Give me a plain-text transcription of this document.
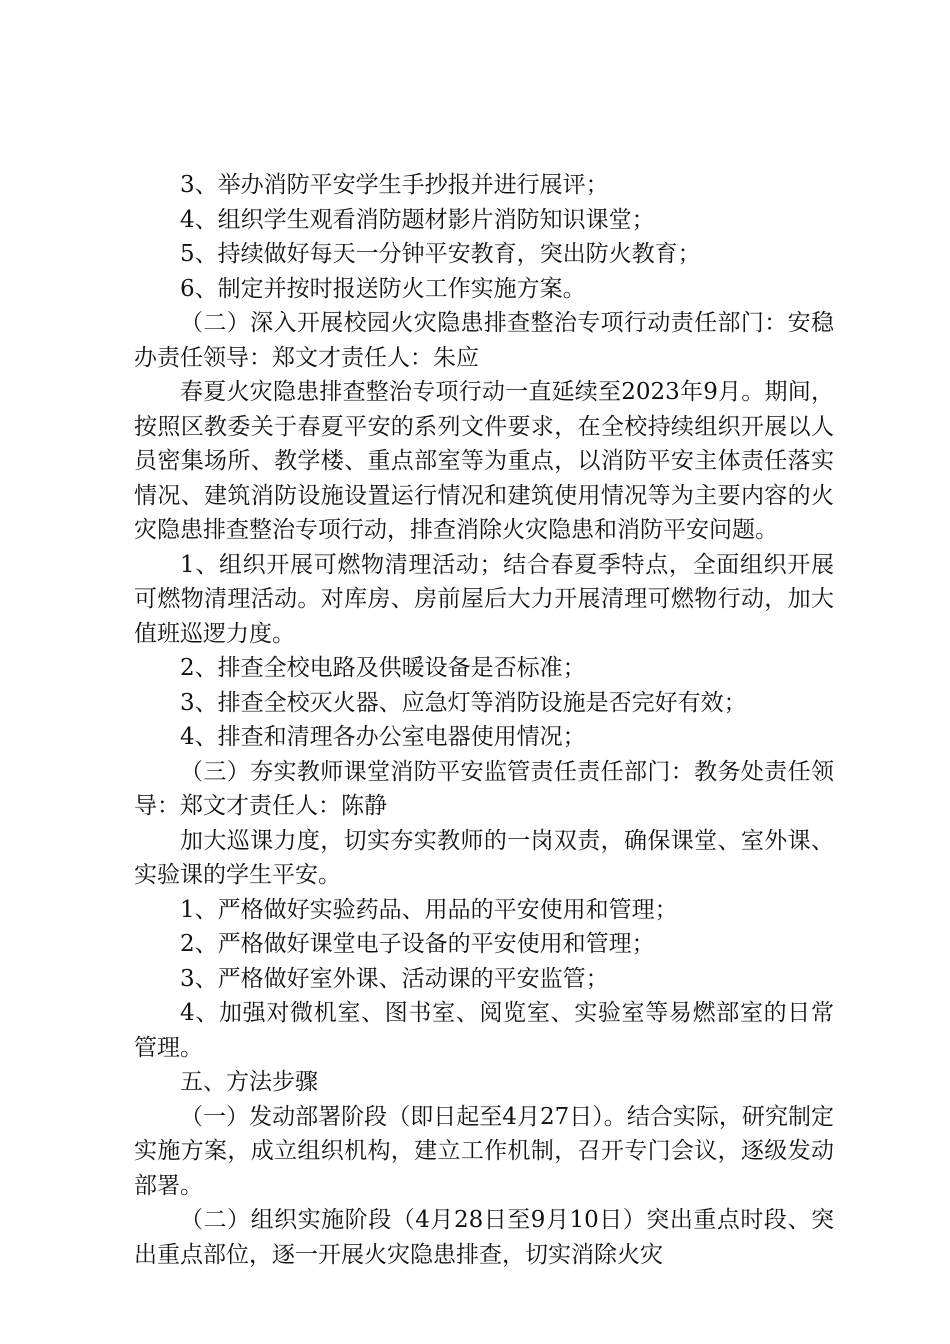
3、举办消防平安学生手抄报并进行展评；

4、组织学生观看消防题材影片消防知识课堂；

5、持续做好每天一分钟平安教育，突出防火教育；

6、制定并按时报送防火工作实施方案。

（二）深入开展校园火灾隐患排查整治专项行动责任部门：安稳办责任领导：郑文才责任人：朱应

春夏火灾隐患排查整治专项行动一直延续至2023年9月。期间，按照区教委关于春夏平安的系列文件要求，在全校持续组织开展以人员密集场所、教学楼、重点部室等为重点，以消防平安主体责任落实情况、建筑消防设施设置运行情况和建筑使用情况等为主要内容的火灾隐患排查整治专项行动，排查消除火灾隐患和消防平安问题。

1、组织开展可燃物清理活动；结合春夏季特点，全面组织开展可燃物清理活动。对库房、房前屋后大力开展清理可燃物行动，加大值班巡逻力度。

2、排查全校电路及供暖设备是否标准；

3、排查全校灭火器、应急灯等消防设施是否完好有效；

4、排查和清理各办公室电器使用情况；

（三）夯实教师课堂消防平安监管责任责任部门：教务处责任领导：郑文才责任人：陈静

加大巡课力度，切实夯实教师的一岗双责，确保课堂、室外课、实验课的学生平安。

1、严格做好实验药品、用品的平安使用和管理；

2、严格做好课堂电子设备的平安使用和管理；

3、严格做好室外课、活动课的平安监管；

4、加强对微机室、图书室、阅览室、实验室等易燃部室的日常管理。

五、方法步骤

（一）发动部署阶段（即日起至4月27日）。结合实际，研究制定实施方案，成立组织机构，建立工作机制，召开专门会议，逐级发动部署。

（二）组织实施阶段（4月28日至9月10日）突出重点时段、突出重点部位，逐一开展火灾隐患排查，切实消除火灾
